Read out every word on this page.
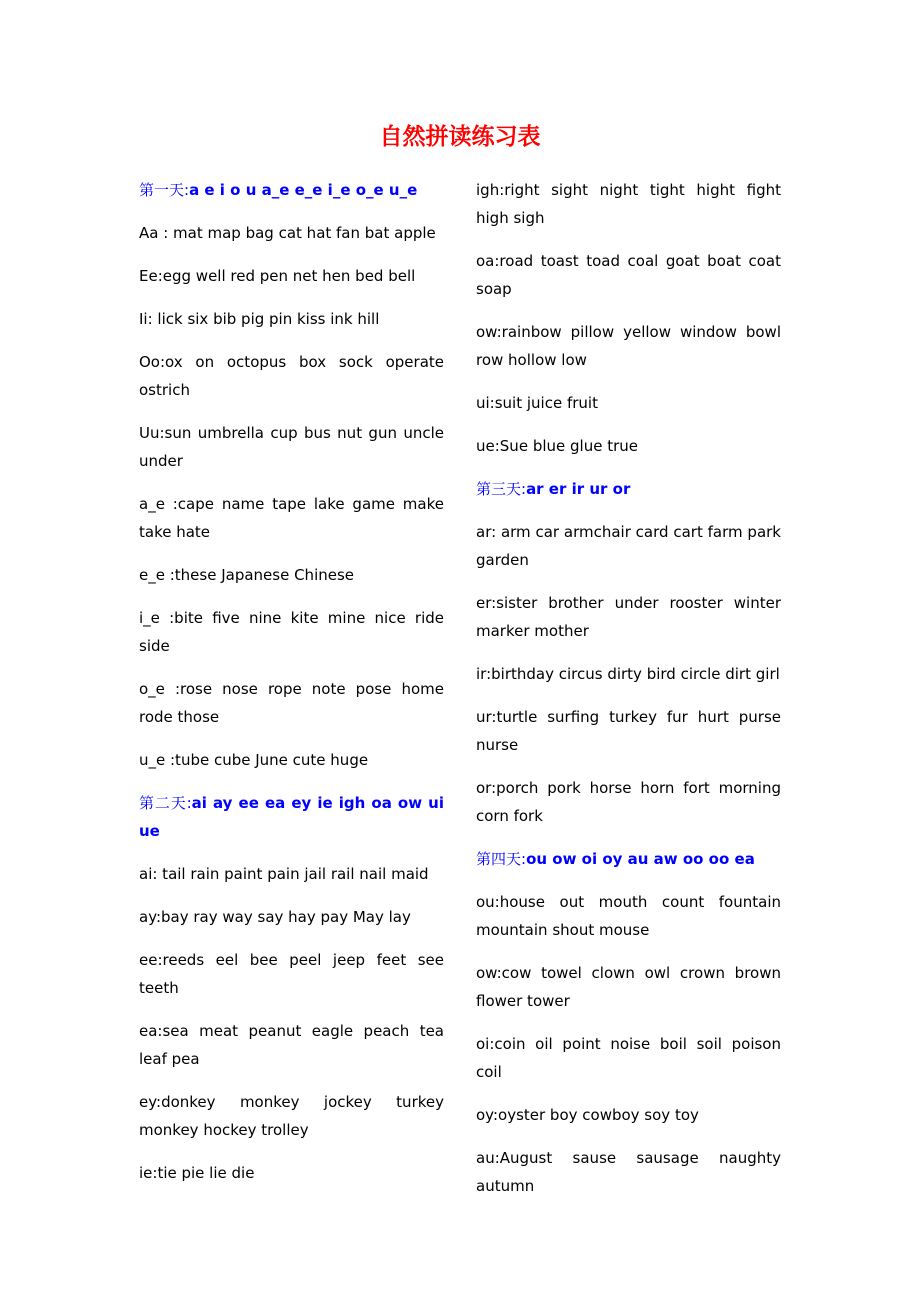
自然拼读练习表

第一天:a e i o u a_e e_e i_e o_e u_e

Aa : mat map bag cat hat fan bat apple

Ee:egg well red pen net hen bed bell

Ii: lick six bib pig pin kiss ink hill

Oo:ox on octopus box sock operate ostrich

Uu:sun umbrella cup bus nut gun uncle under

a_e :cape name tape lake game make take hate

e_e :these Japanese Chinese

i_e :bite five nine kite mine nice ride side

o_e :rose nose rope note pose home rode those

u_e :tube cube June cute huge

第二天:ai ay ee ea ey ie igh oa ow ui ue

ai: tail rain paint pain jail rail nail maid

ay:bay ray way say hay pay May lay

ee:reeds eel bee peel jeep feet see teeth

ea:sea meat peanut eagle peach tea leaf pea

ey:donkey monkey jockey turkey monkey hockey trolley

ie:tie pie lie die

igh:right sight night tight hight fight high sigh

oa:road toast toad coal goat boat coat soap

ow:rainbow pillow yellow window bowl row hollow low

ui:suit juice fruit

ue:Sue blue glue true

第三天:ar er ir ur or

ar: arm car armchair card cart farm park garden

er:sister brother under rooster winter marker mother

ir:birthday circus dirty bird circle dirt girl

ur:turtle surfing turkey fur hurt purse nurse

or:porch pork horse horn fort morning corn fork

第四天:ou ow oi oy au aw oo oo ea

ou:house out mouth count fountain mountain shout mouse

ow:cow towel clown owl crown brown flower tower

oi:coin oil point noise boil soil poison coil

oy:oyster boy cowboy soy toy

au:August sause sausage naughty autumn
